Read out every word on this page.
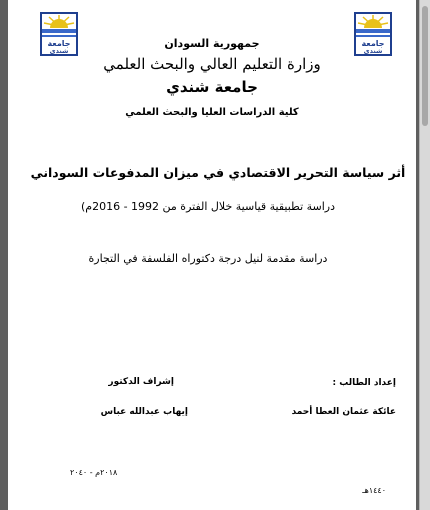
جامعة
شندي
جامعة
شندي
جمهورية السودان
وزارة التعليم العالي والبحث العلمي
جامعة شندي
كلية الدراسات العليا والبحث العلمي
أثر سياسة التحرير الاقتصادي في ميزان المدفوعات السوداني
دراسة تطبيقية قياسية خلال الفترة من 1992 - 2016م)
دراسة مقدمة لنيل درجة دكتوراه الفلسفة في التجارة
إعداد الطالب :
إشراف الدكتور
عائكة عثمان العطا أحمد
إيهاب عبدالله عباس
٢٠١٨م - ٢٠٤٠
١٤٤٠هـ
